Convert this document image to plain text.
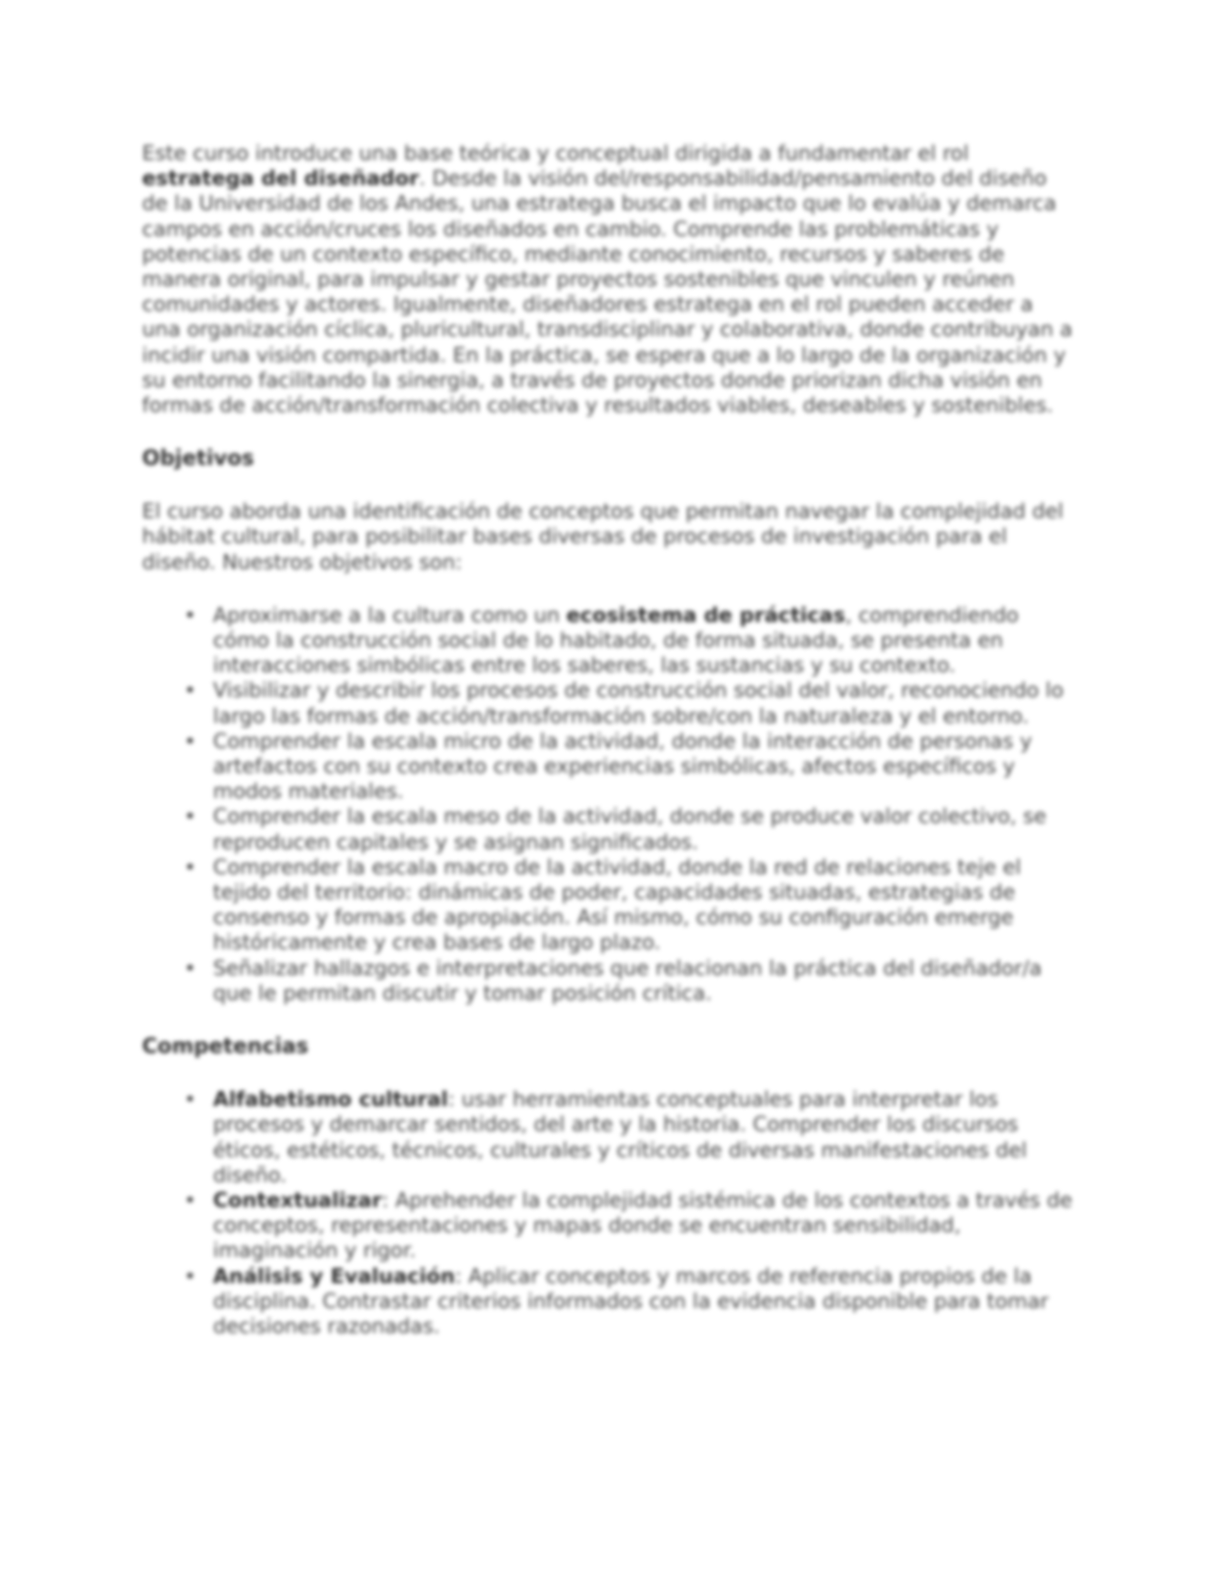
Este curso introduce una base teórica y conceptual dirigida a fundamentar el rol estratega del diseñador. Desde la visión del/responsabilidad/pensamiento del diseño de la Universidad de los Andes, una estratega busca el impacto que lo evalúa y demarca campos en acción/cruces los diseñados en cambio. Comprende las problemáticas y potencias de un contexto específico, mediante conocimiento, recursos y saberes de manera original, para impulsar y gestar proyectos sostenibles que vinculen y reúnen comunidades y actores. Igualmente, diseñadores estratega en el rol pueden acceder a una organización cíclica, pluricultural, transdisciplinar y colaborativa, donde contribuyan a incidir una visión compartida. En la práctica, se espera que a lo largo de la organización y su entorno facilitando la sinergia, a través de proyectos donde priorizan dicha visión en formas de acción/transformación colectiva y resultados viables, deseables y sostenibles.

Objetivos

El curso aborda una identificación de conceptos que permitan navegar la complejidad del hábitat cultural, para posibilitar bases diversas de procesos de investigación para el diseño. Nuestros objetivos son:

• Aproximarse a la cultura como un ecosistema de prácticas, comprendiendo cómo la construcción social de lo habitado, de forma situada, se presenta en interacciones simbólicas entre los saberes, las sustancias y su contexto.
• Visibilizar y describir los procesos de construcción social del valor, reconociendo lo largo las formas de acción/transformación sobre/con la naturaleza y el entorno.
• Comprender la escala micro de la actividad, donde la interacción de personas y artefactos con su contexto crea experiencias simbólicas, afectos específicos y modos materiales.
• Comprender la escala meso de la actividad, donde se produce valor colectivo, se reproducen capitales y se asignan significados.
• Comprender la escala macro de la actividad, donde la red de relaciones teje el tejido del territorio: dinámicas de poder, capacidades situadas, estrategias de consenso y formas de apropiación. Así mismo, cómo su configuración emerge históricamente y crea bases de largo plazo.
• Señalizar hallazgos e interpretaciones que relacionan la práctica del diseñador/a que le permitan discutir y tomar posición crítica.
Competencias
• Alfabetismo cultural: usar herramientas conceptuales para interpretar los procesos y demarcar sentidos, del arte y la historia. Comprender los discursos éticos, estéticos, técnicos, culturales y críticos de diversas manifestaciones del diseño.
• Contextualizar: Aprehender la complejidad sistémica de los contextos a través de conceptos, representaciones y mapas donde se encuentran sensibilidad, imaginación y rigor.
• Análisis y Evaluación: Aplicar conceptos y marcos de referencia propios de la disciplina. Contrastar criterios informados con la evidencia disponible para tomar decisiones razonadas.
